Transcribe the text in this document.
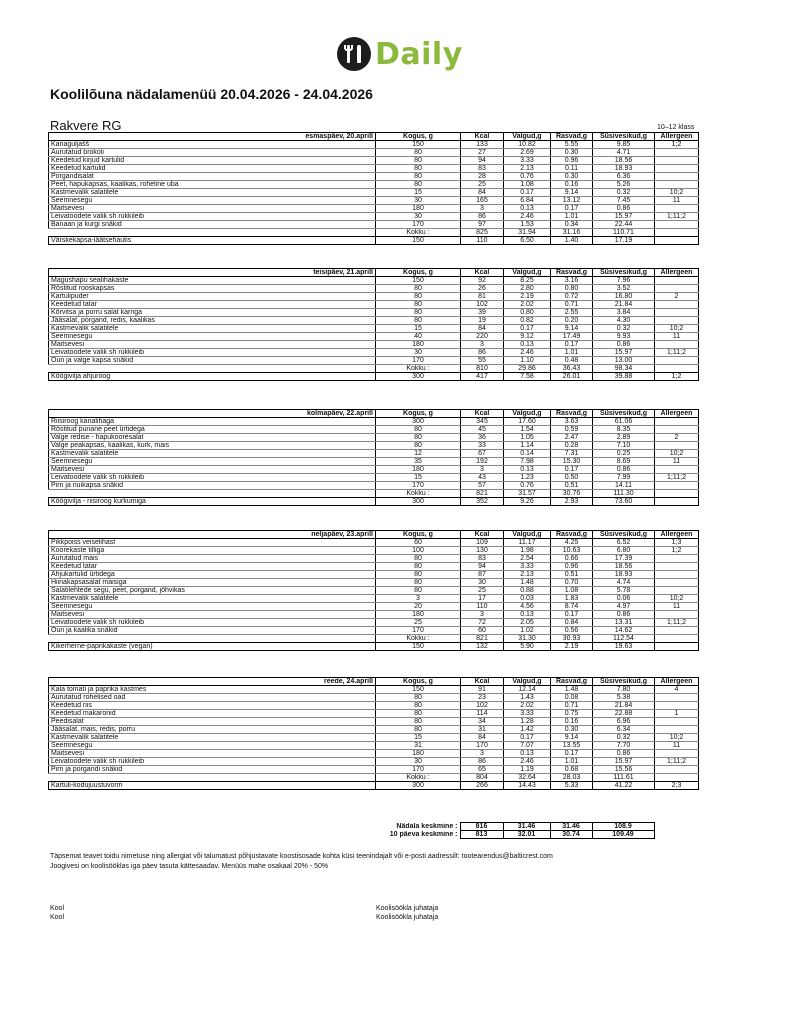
Daily
Koolilõuna nädalamenüü 20.04.2026 - 24.04.2026
Rakvere RG	10–12 klass
esmaspäev, 20.aprill	Kogus, g	Kcal	Valgud,g	Rasvad,g	Süsivesikud,g	Allergeen
Kanaguljašš	150	133	10.82	5.55	9.85	1;2
Aurutatud brokoli	80	27	2.69	0.30	4.71	
Keedetud kirjud kartulid	80	94	3.33	0.96	18.56	
Keedetud kartulid	80	83	2.13	0.11	18.93	
Porgandisalat	80	28	0.76	0.30	6.36	
Peet, hapukapsas, kaalikas, roheline uba	80	25	1.08	0.16	5.26	
Kastmevalik salatitele	15	84	0.17	9.14	0.32	10;2
Seemnesegu	30	165	6.84	13.12	7.45	11
Maitsevesi	180	3	0.13	0.17	0.86	
Leivatoodete valik sh rukkileib	30	86	2.46	1.01	15.97	1;11;2
Banaan ja kurgi snäkid	170	97	1.53	0.34	22.44	
	Kokku :	825	31.94	31.16	110.71	
Värskekapsa-läätsehautis	150	110	6.50	1.40	17.19	
teisipäev, 21.aprill	Kogus, g	Kcal	Valgud,g	Rasvad,g	Süsivesikud,g	Allergeen
Magushapu sealihakaste	150	92	8.25	3.16	7.96	
Röstitud rooskapsas	80	26	2.80	0.80	3.52	
Kartulipuder	80	81	2.19	0.72	16.80	2
Keedetud tatar	80	102	2.02	0.71	21.84	
Kõrvitsa ja porru salat karriga	80	39	0.80	2.55	3.84	
Jääsalat, porgand, redis, kaalikas	80	19	0.82	0.20	4.30	
Kastmevalik salatitele	15	84	0.17	9.14	0.32	10;2
Seemnesegu	40	220	9.12	17.49	9.93	11
Maitsevesi	180	3	0.13	0.17	0.86	
Leivatoodete valik sh rukkileib	30	86	2.46	1.01	15.97	1;11;2
Õun ja valge kapsa snäkid	170	55	1.10	0.48	13.00	
	Kokku :	810	29.86	36.43	98.34	
Köögivilja ahjuroog	300	417	7.58	26.01	39.88	1;2
kolmapäev, 22.aprill	Kogus, g	Kcal	Valgud,g	Rasvad,g	Süsivesikud,g	Allergeen
Riisiroog kanalihaga	300	345	17.60	3.63	61.06	
Röstitud punane peet ürtidega	80	45	1.54	0.59	8.35	
Valge redise - hapukoorésalat	80	36	1.05	2.47	2.89	2
Valge peakapsas, kaalikas, kurk, mais	80	33	1.14	0.28	7.10	
Kastmevalik salatitele	12	67	0.14	7.31	0.25	10;2
Seemnesegu	35	192	7.98	15.30	8.69	11
Maitsevesi	180	3	0.13	0.17	0.86	
Leivatoodete valik sh rukkileib	15	43	1.23	0.50	7.99	1;11;2
Pirn ja nuikapsa snäkid	170	57	0.76	0.51	14.11	
	Kokku :	821	31.57	30.76	111.30	
Köögivilja - riisiroog kurkumiga	300	352	9.26	2.93	73.60	
neljapäev, 23.aprill	Kogus, g	Kcal	Valgud,g	Rasvad,g	Süsivesikud,g	Allergeen
Pikkpoiss veiselihast	60	109	11.17	4.25	6.52	1;3
Koorekaste tilliga	100	130	1.98	10.63	6.80	1;2
Aurutatud mais	80	83	2.54	0.66	17.39	
Keedetud tatar	80	94	3.33	0.96	18.56	
Ahjukartulid ürtidega	80	87	2.13	0.51	18.93	
Hiinakapsasalat maisiga	80	30	1.48	0.70	4.74	
Salatilehtede segu, peet, porgand, jõhvikas	80	25	0.88	1.08	5.78	
Kastmevalik salatitele	3	17	0.03	1.83	0.06	10;2
Seemnesegu	20	110	4.56	8.74	4.97	11
Maitsevesi	180	3	0.13	0.17	0.86	
Leivatoodete valik sh rukkileib	25	72	2.05	0.84	13.31	1;11;2
Õun ja kaalika snäkid	170	60	1.02	0.56	14.62	
	Kokku :	821	31.30	30.93	112.54	
Kikerherne-paprikakaste (vegan)	150	132	5.90	2.19	19.63	
reede, 24.aprill	Kogus, g	Kcal	Valgud,g	Rasvad,g	Süsivesikud,g	Allergeen
Kala tomati ja paprika kastmes	150	91	12.14	1.48	7.80	4
Aurutatud rohelised oad	80	23	1.43	0.08	5.38	
Keedetud riis	80	102	2.02	0.71	21.84	
Keedetud makaronid	80	114	3.33	0.75	22.88	1
Peedisalat	80	34	1.28	0.16	6.96	
Jääsalat, mais, redis, porru	80	31	1.42	0.30	6.34	
Kastmevalik salatitele	15	84	0.17	9.14	0.32	10;2
Seemnesegu	31	170	7.07	13.55	7.70	11
Maitsevesi	180	3	0.13	0.17	0.86	
Leivatoodete valik sh rukkileib	30	86	2.46	1.01	15.97	1;11;2
Pirn ja porgandi snäkid	170	65	1.19	0.68	15.56	
	Kokku :	804	32.64	28.03	111.61	
Kartuli-kodujuustuvorm	300	266	14.43	5.33	41.22	2;3
Nädala keskmine :	816	31.46	31.46	108.9	
10 päeva keskmine :	813	32.01	30.74	109.49	
Täpsemat teavet toidu nimetuse ning allergiat või talumatust põhjustavate koostisosade kohta küsi teenindajalt või e-posti aadressilt: tootearendus@balticrest.com
Joogivesi on koolisööklas iga päev tasuta kättesaadav. Menüüs mahe osakaal 20% - 50%
Kool
Kool
Koolisööklа juhataja
Koolisööklа juhataja
